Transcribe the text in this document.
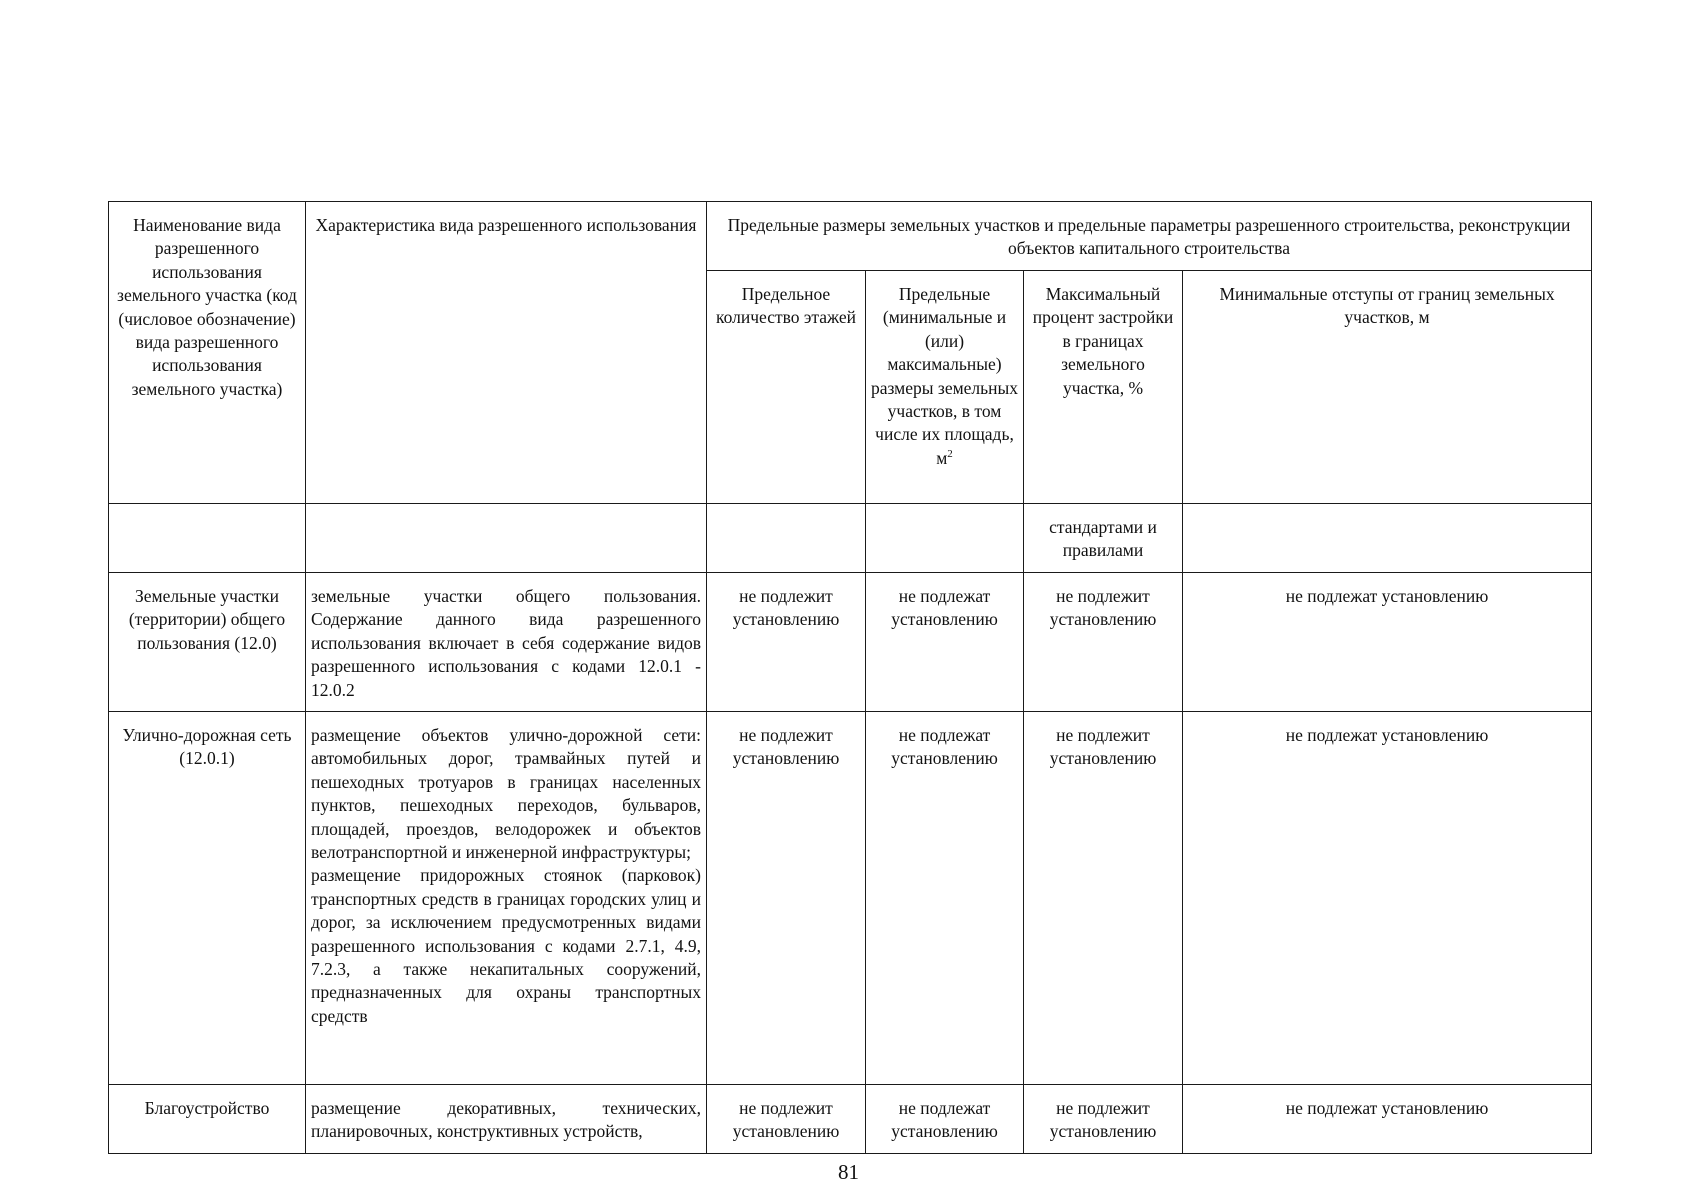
Наименование вида разрешенного использования земельного участка (код (числовое обозначение) вида разрешенного использования земельного участка)	Характеристика вида разрешенного использования	Предельные размеры земельных участков и предельные параметры разрешенного строительства, реконструкции объектов капитального строительства			
		Предельное количество этажей	Предельные (минимальные и (или) максимальные) размеры земельных участков, в том числе их площадь, $м^2$	Максимальный процент застройки в границах земельного участка, %	Минимальные отступы от границ земельных участков, м
				стандартами и правилами	
Земельные участки (территории) общего пользования (12.0)	земельные участки общего пользования. Содержание данного вида разрешенного использования включает в себя содержание видов разрешенного использования с кодами 12.0.1 - 12.0.2	не подлежит установлению	не подлежат установлению	не подлежит установлению	не подлежат установлению
Улично-дорожная сеть (12.0.1)	размещение объектов улично-дорожной сети: автомобильных дорог, трамвайных путей и пешеходных тротуаров в границах населенных пунктов, пешеходных переходов, бульваров, площадей, проездов, велодорожек и объектов велотранспортной и инженерной инфраструктуры;
размещение придорожных стоянок (парковок) транспортных средств в границах городских улиц и дорог, за исключением предусмотренных видами разрешенного использования с кодами 2.7.1, 4.9, 7.2.3, а также некапитальных сооружений, предназначенных для охраны транспортных средств	не подлежит установлению	не подлежат установлению	не подлежит установлению	не подлежат установлению
Благоустройство	размещение декоративных, технических, планировочных, конструктивных устройств,	не подлежит установлению	не подлежат установлению	не подлежит установлению	не подлежат установлению
81
